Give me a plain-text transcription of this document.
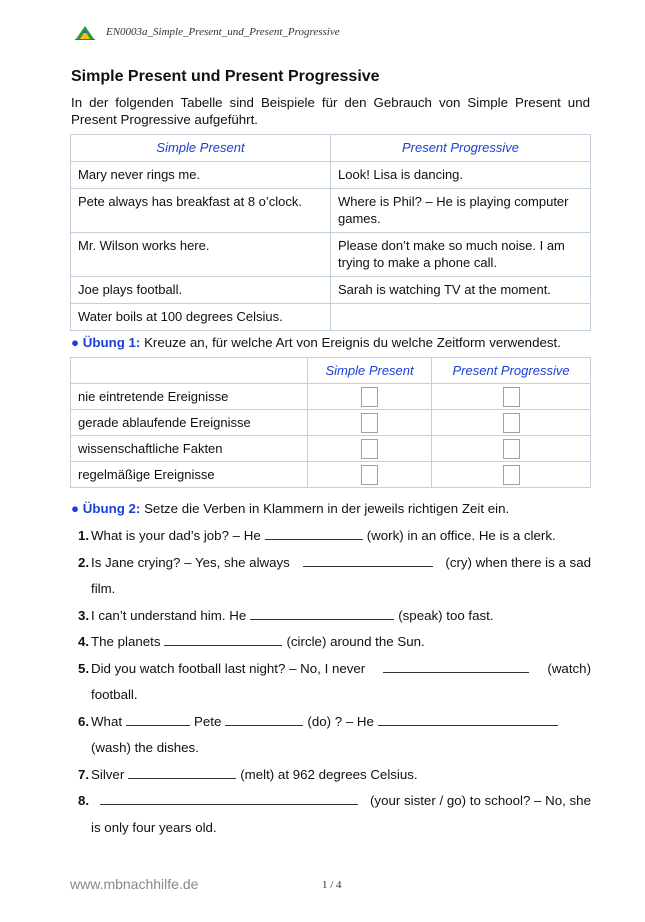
EN0003a_Simple_Present_und_Present_Progressive
Simple Present und Present Progressive
In der folgenden Tabelle sind Beispiele für den Gebrauch von Simple Present und Present Progressive aufgeführt.
Simple Present	Present Progressive
Mary never rings me.	Look! Lisa is dancing.
Pete always has breakfast at 8 o’clock.	Where is Phil? – He is playing computer games.
Mr. Wilson works here.	Please don’t make so much noise. I am trying to make a phone call.
Joe plays football.	Sarah is watching TV at the moment.
Water boils at 100 degrees Celsius.	
● Übung 1: Kreuze an, für welche Art von Ereignis du welche Zeitform verwendest.
	Simple Present	Present Progressive
nie eintretende Ereignisse		
gerade ablaufende Ereignisse		
wissenschaftliche Fakten		
regelmäßige Ereignisse		
● Übung 2: Setze die Verben in Klammern in der jeweils richtigen Zeit ein.
1. What is your dad’s job? – He	(work) in an office. He is a clerk.
2. Is Jane crying? – Yes, she always	(cry) when there is a sad
film.
3. I can’t understand him. He	(speak) too fast.
4. The planets	(circle) around the Sun.
5. Did you watch football last night? – No, I never	(watch)
football.
6. What	Pete	(do) ? – He
(wash) the dishes.
7. Silver	(melt) at 962 degrees Celsius.
8.	(your sister / go) to school? – No, she
is only four years old.
www.mbnachhilfe.de	1 / 4
